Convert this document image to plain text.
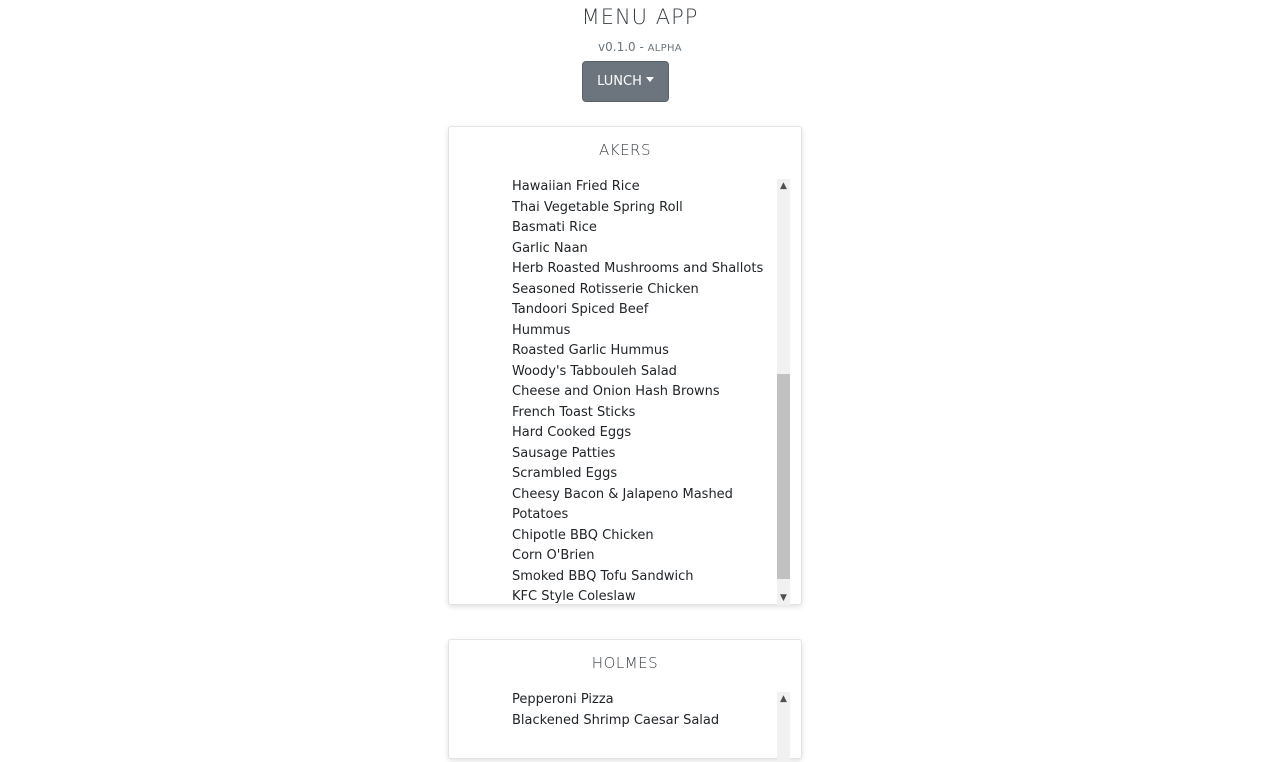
MENU APP
v0.1.0 - ALPHA
LUNCH
AKERS
Hawaiian Fried Rice
Thai Vegetable Spring Roll
Basmati Rice
Garlic Naan
Herb Roasted Mushrooms and Shallots
Seasoned Rotisserie Chicken
Tandoori Spiced Beef
Hummus
Roasted Garlic Hummus
Woody's Tabbouleh Salad
Cheese and Onion Hash Browns
French Toast Sticks
Hard Cooked Eggs
Sausage Patties
Scrambled Eggs
Cheesy Bacon & Jalapeno Mashed Potatoes
Chipotle BBQ Chicken
Corn O'Brien
Smoked BBQ Tofu Sandwich
KFC Style Coleslaw
▲
▼
HOLMES
Pepperoni Pizza
Blackened Shrimp Caesar Salad
▲
